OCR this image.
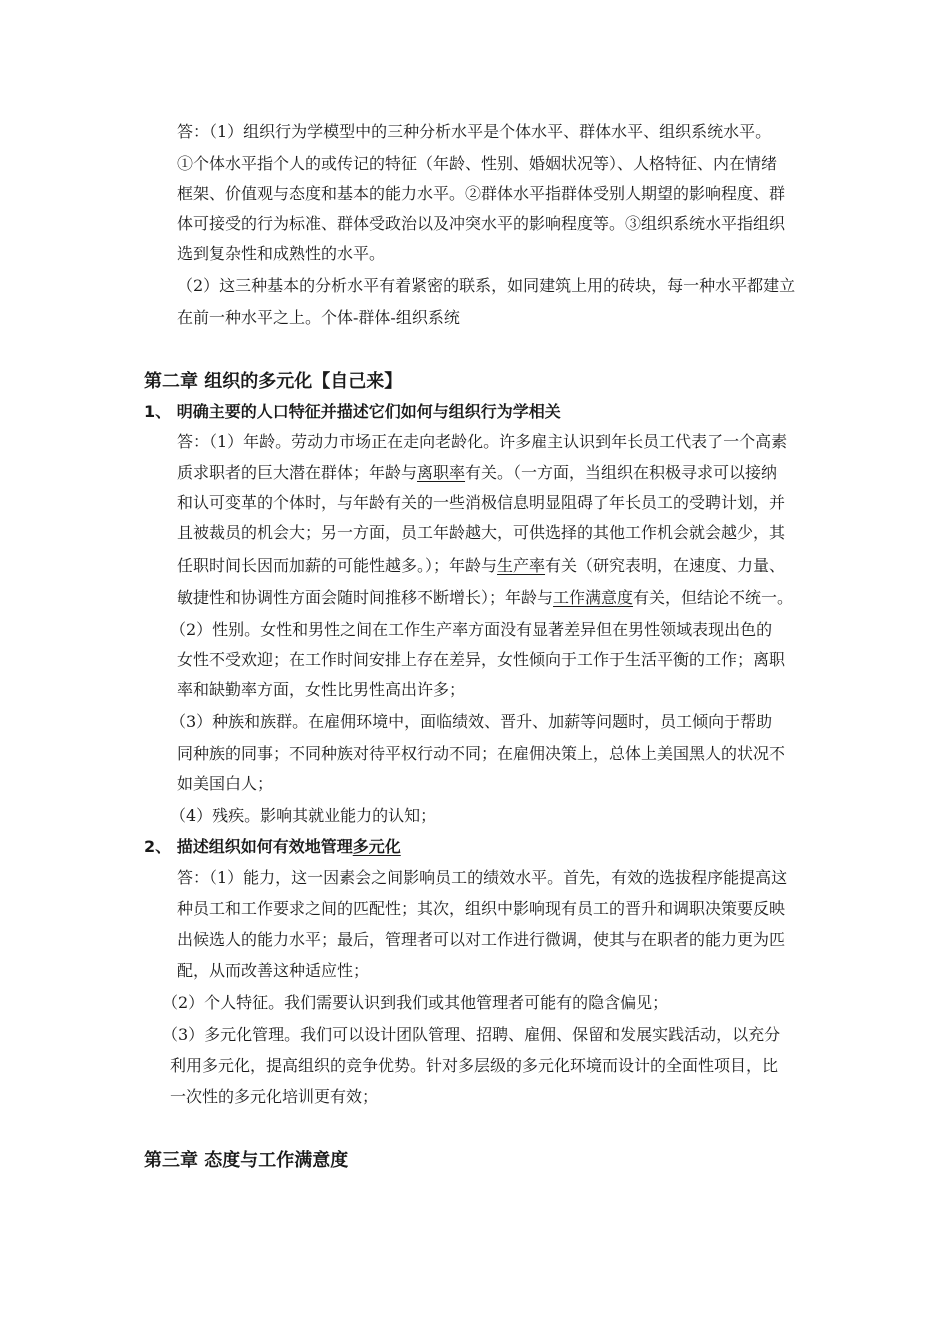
答：（1）组织行为学模型中的三种分析水平是个体水平、群体水平、组织系统水平。
①个体水平指个人的或传记的特征（年龄、性别、婚姻状况等）、人格特征、内在情绪
框架、价值观与态度和基本的能力水平。②群体水平指群体受别人期望的影响程度、群
体可接受的行为标准、群体受政治以及冲突水平的影响程度等。③组织系统水平指组织
选到复杂性和成熟性的水平。
（2）这三种基本的分析水平有着紧密的联系，如同建筑上用的砖块，每一种水平都建立
在前一种水平之上。个体-群体-组织系统
第二章 组织的多元化【自己来】
1、 明确主要的人口特征并描述它们如何与组织行为学相关
答：（1）年龄。劳动力市场正在走向老龄化。许多雇主认识到年长员工代表了一个高素
质求职者的巨大潜在群体；年龄与离职率有关。（一方面，当组织在积极寻求可以接纳
和认可变革的个体时，与年龄有关的一些消极信息明显阻碍了年长员工的受聘计划，并
且被裁员的机会大；另一方面，员工年龄越大，可供选择的其他工作机会就会越少，其
任职时间长因而加薪的可能性越多。）；年龄与生产率有关（研究表明，在速度、力量、
敏捷性和协调性方面会随时间推移不断增长）；年龄与工作满意度有关，但结论不统一。
（2）性别。女性和男性之间在工作生产率方面没有显著差异但在男性领域表现出色的
女性不受欢迎；在工作时间安排上存在差异，女性倾向于工作于生活平衡的工作；离职
率和缺勤率方面，女性比男性高出许多；
（3）种族和族群。在雇佣环境中，面临绩效、晋升、加薪等问题时，员工倾向于帮助
同种族的同事；不同种族对待平权行动不同；在雇佣决策上，总体上美国黑人的状况不
如美国白人；
（4）残疾。影响其就业能力的认知；
2、 描述组织如何有效地管理多元化
答：（1）能力，这一因素会之间影响员工的绩效水平。首先，有效的选拔程序能提高这
种员工和工作要求之间的匹配性；其次，组织中影响现有员工的晋升和调职决策要反映
出候选人的能力水平；最后，管理者可以对工作进行微调，使其与在职者的能力更为匹
配，从而改善这种适应性；
（2）个人特征。我们需要认识到我们或其他管理者可能有的隐含偏见；
（3）多元化管理。我们可以设计团队管理、招聘、雇佣、保留和发展实践活动，以充分
利用多元化，提高组织的竞争优势。针对多层级的多元化环境而设计的全面性项目，比
一次性的多元化培训更有效；
第三章 态度与工作满意度
